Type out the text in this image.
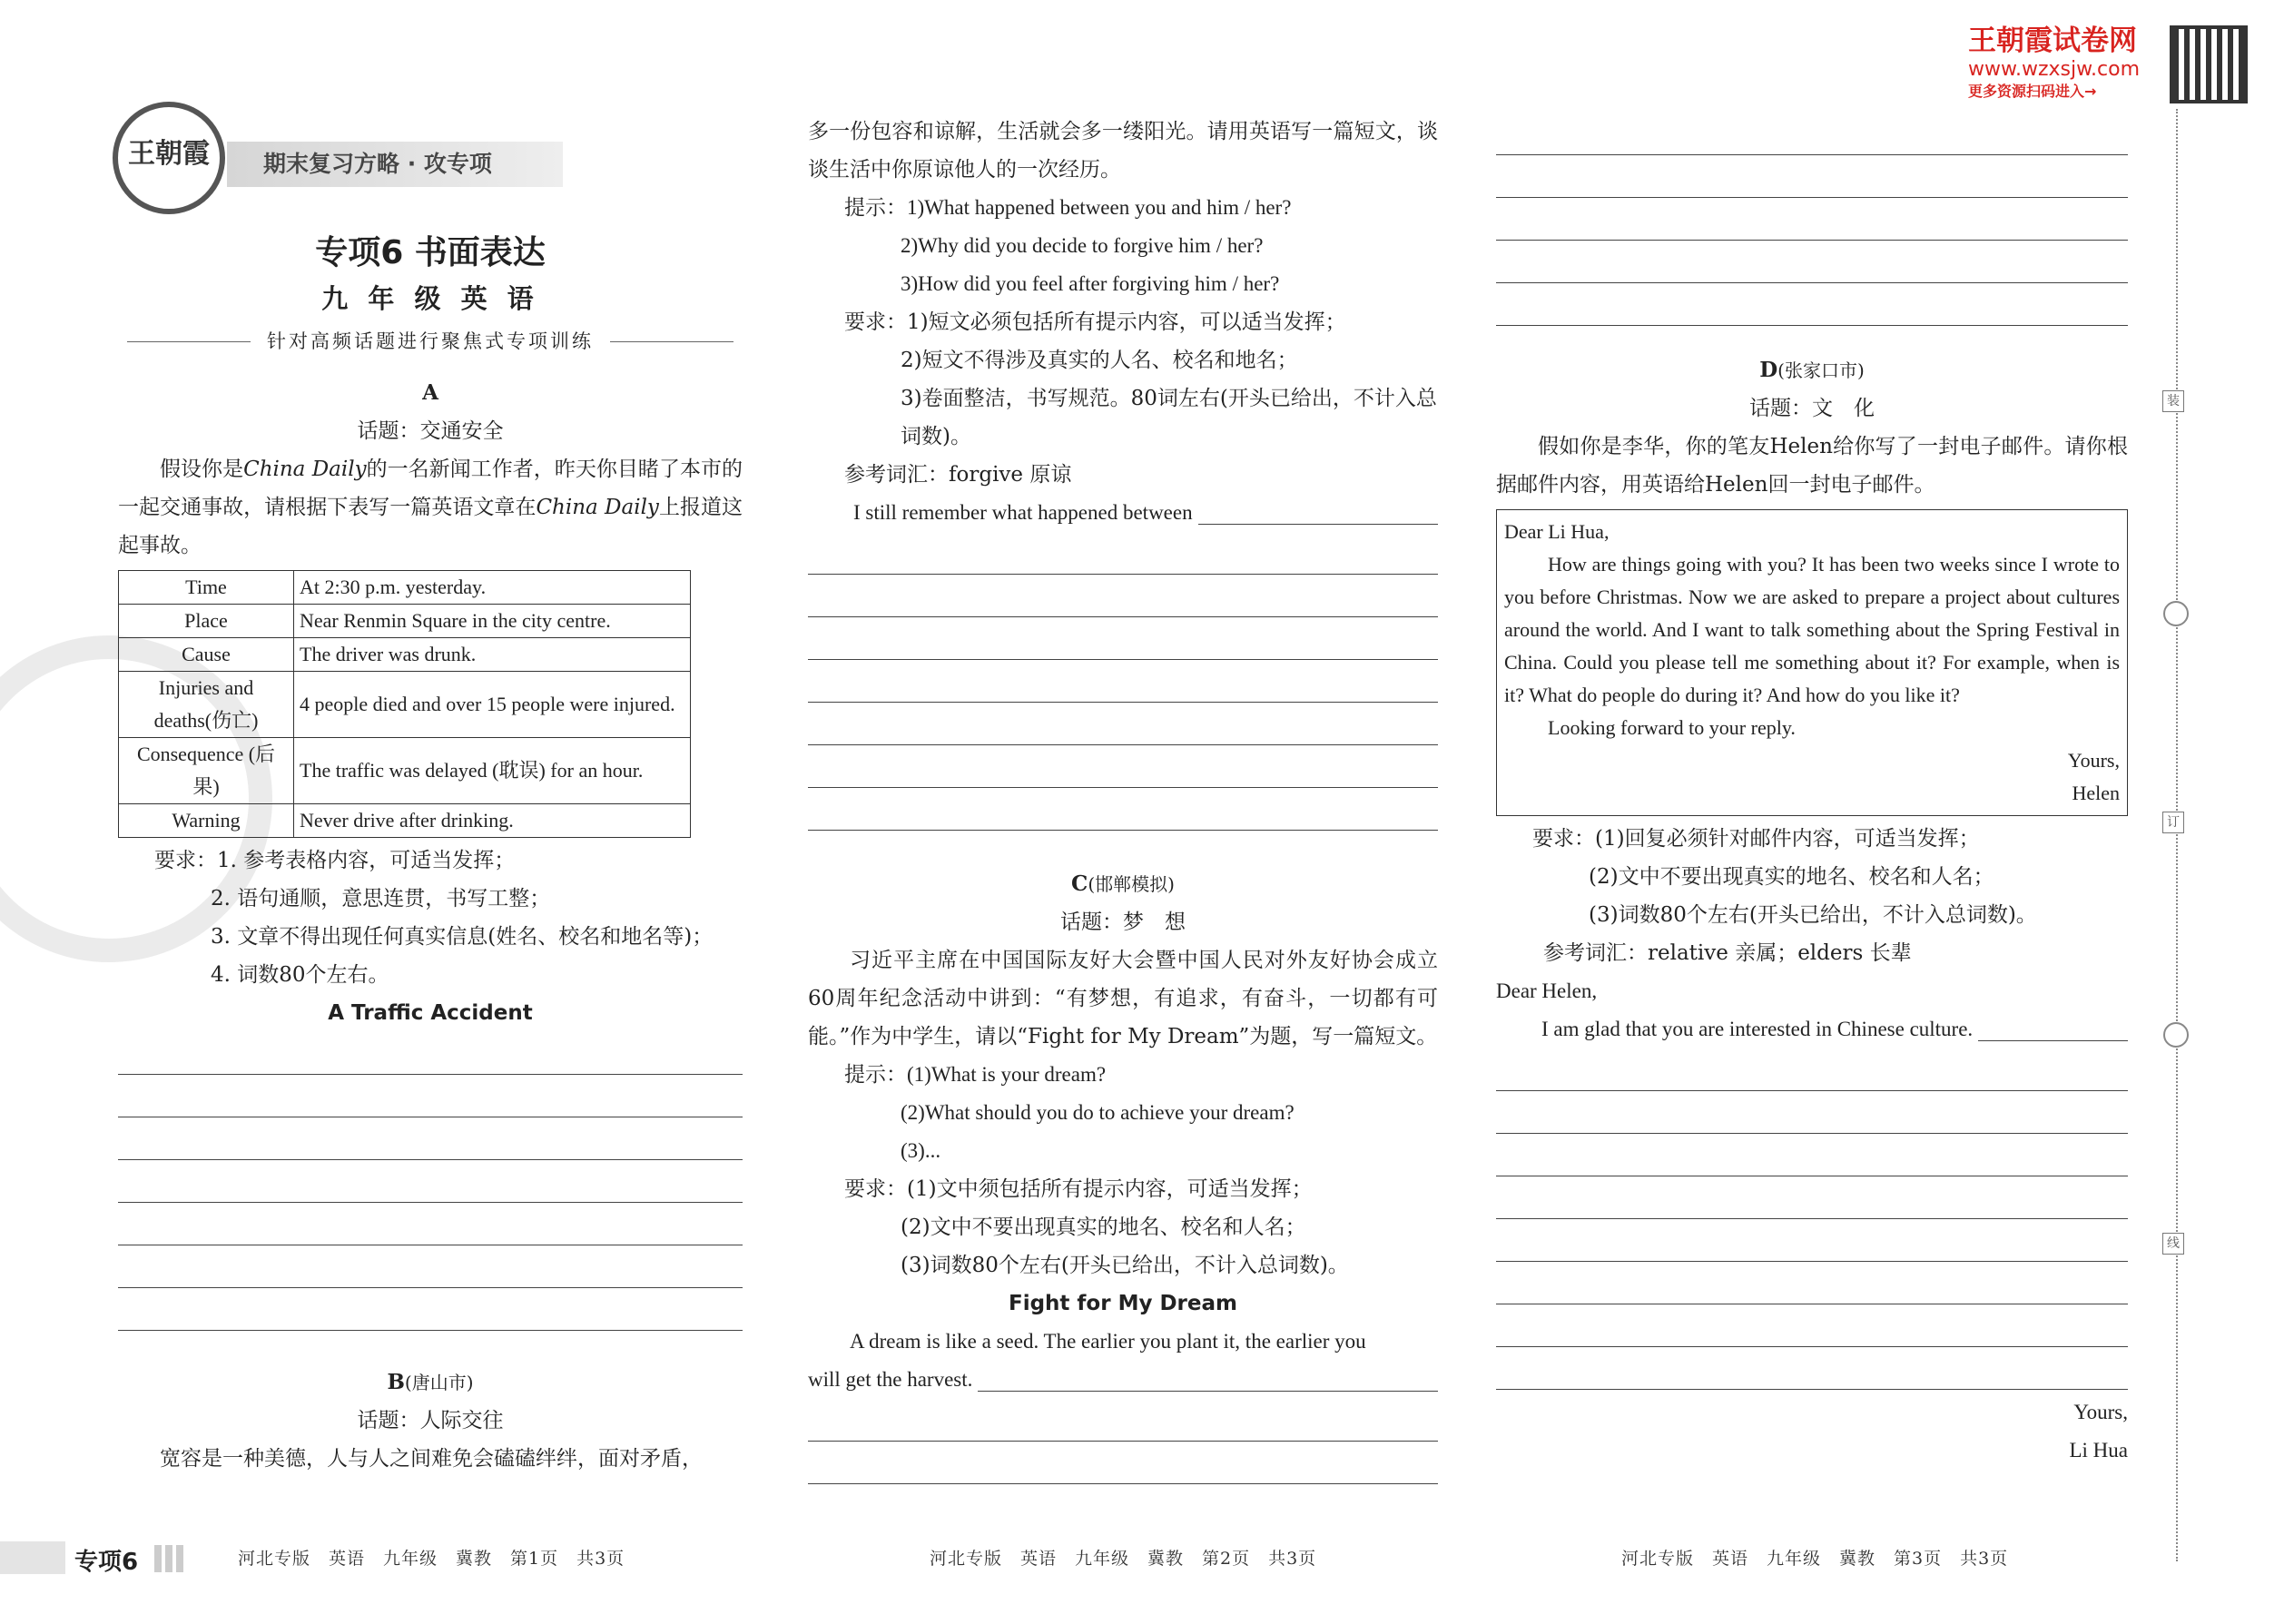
王朝霞	期末复习方略 · 攻专项
王朝霞试卷网
www.wzxsjw.com
更多资源扫码进入→
专项6 书面表达
九 年 级 英 语
针对高频话题进行聚焦式专项训练
A
话题：交通安全
假设你是China Daily的一名新闻工作者，昨天你目睹了本市的一起交通事故，请根据下表写一篇英语文章在China Daily上报道这起事故。
Time	At 2:30 p.m. yesterday.
Place	Near Renmin Square in the city centre.
Cause	The driver was drunk.
Injuries and deaths(伤亡)	4 people died and over 15 people were injured.
Consequence (后果)	The traffic was delayed (耽误) for an hour.
Warning	Never drive after drinking.
要求：1. 参考表格内容，可适当发挥；
2. 语句通顺，意思连贯，书写工整；
3. 文章不得出现任何真实信息(姓名、校名和地名等)；
4. 词数80个左右。
A Traffic Accident
B(唐山市)
话题：人际交往
宽容是一种美德，人与人之间难免会磕磕绊绊，面对矛盾，
多一份包容和谅解，生活就会多一缕阳光。请用英语写一篇短文，谈谈生活中你原谅他人的一次经历。
提示：1)What happened between you and him / her?
2)Why did you decide to forgive him / her?
3)How did you feel after forgiving him / her?
要求：1)短文必须包括所有提示内容，可以适当发挥；
2)短文不得涉及真实的人名、校名和地名；
3)卷面整洁，书写规范。80词左右(开头已给出，不计入总词数)。
参考词汇：forgive 原谅
I still remember what happened between
C(邯郸模拟)
话题：梦　想
习近平主席在中国国际友好大会暨中国人民对外友好协会成立60周年纪念活动中讲到：“有梦想，有追求，有奋斗，一切都有可能。”作为中学生，请以“Fight for My Dream”为题，写一篇短文。
提示：(1)What is your dream?
(2)What should you do to achieve your dream?
(3)...
要求：(1)文中须包括所有提示内容，可适当发挥；
(2)文中不要出现真实的地名、校名和人名；
(3)词数80个左右(开头已给出，不计入总词数)。
Fight for My Dream
A dream is like a seed. The earlier you plant it, the earlier you
will get the harvest.
D(张家口市)
话题：文　化
假如你是李华，你的笔友Helen给你写了一封电子邮件。请你根据邮件内容，用英语给Helen回一封电子邮件。
Dear Li Hua,
How are things going with you? It has been two weeks since I wrote to you before Christmas. Now we are asked to prepare a project about cultures around the world. And I want to talk something about the Spring Festival in China. Could you please tell me something about it? For example, when is it? What do people do during it? And how do you like it?
Looking forward to your reply.
Yours,
Helen
要求：(1)回复必须针对邮件内容，可适当发挥；
(2)文中不要出现真实的地名、校名和人名；
(3)词数80个左右(开头已给出，不计入总词数)。
参考词汇：relative 亲属；elders 长辈
Dear Helen,
I am glad that you are interested in Chinese culture.
Yours,
Li Hua
装
订
线
专项6	河北专版　英语　九年级　冀教　第1页　共3页	河北专版　英语　九年级　冀教　第2页　共3页	河北专版　英语　九年级　冀教　第3页　共3页
